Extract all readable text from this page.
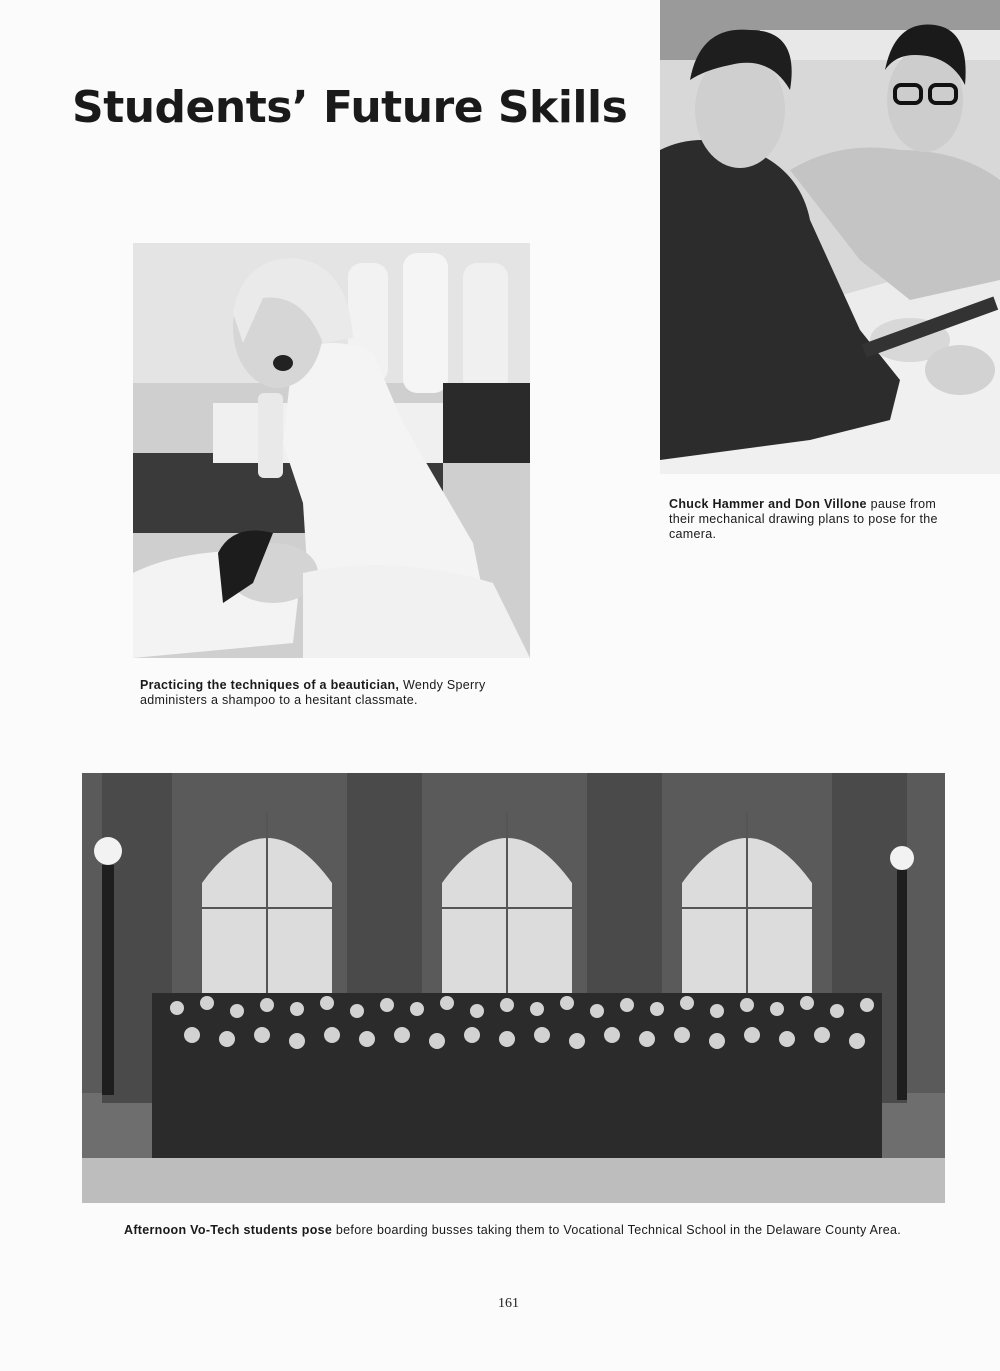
Students’ Future Skills
Chuck Hammer and Don Villone pause from their mechanical drawing plans to pose for the camera.
Practicing the techniques of a beautician, Wendy Sperry administers a shampoo to a hesitant classmate.
Afternoon Vo-Tech students pose before boarding busses taking them to Vocational Technical School in the Delaware County Area.
161
